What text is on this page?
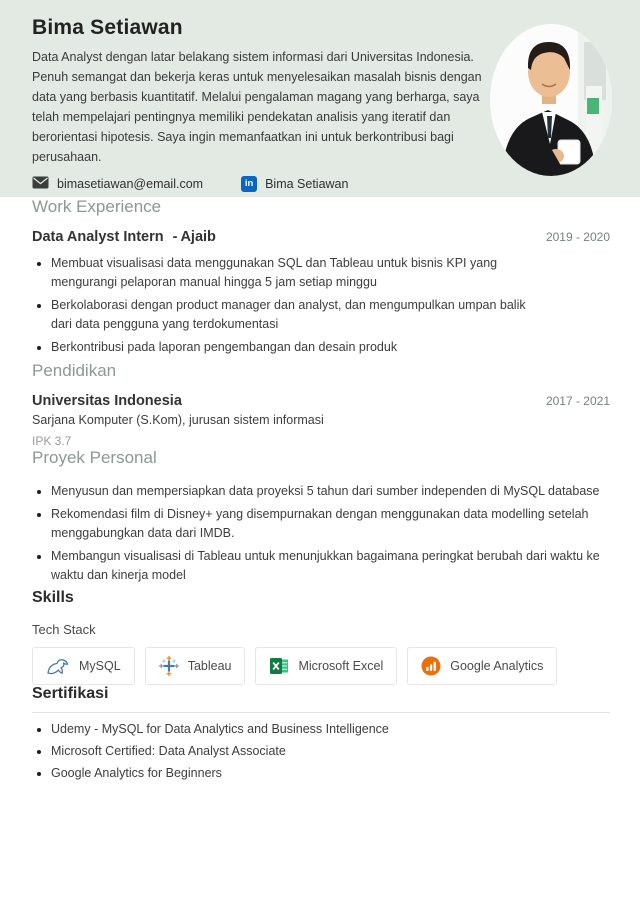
Bima Setiawan

Data Analyst dengan latar belakang sistem informasi dari Universitas Indonesia. Penuh semangat dan bekerja keras untuk menyelesaikan masalah bisnis dengan data yang berbasis kuantitatif. Melalui pengalaman magang yang berharga, saya telah mempelajari pentingnya memiliki pendekatan analisis yang iteratif dan berorientasi hipotesis. Saya ingin memanfaatkan ini untuk berkontribusi bagi perusahaan.

bimasetiawan@email.com	in Bima Setiawan
Work Experience
Data Analyst Intern - Ajaib	2019 - 2020
• Membuat visualisasi data menggunakan SQL dan Tableau untuk bisnis KPI yang mengurangi pelaporan manual hingga 5 jam setiap minggu
• Berkolaborasi dengan product manager dan analyst, dan mengumpulkan umpan balik dari data pengguna yang terdokumentasi
• Berkontribusi pada laporan pengembangan dan desain produk
Pendidikan
Universitas Indonesia	2017 - 2021
Sarjana Komputer (S.Kom), jurusan sistem informasi
IPK 3.7
Proyek Personal
• Menyusun dan mempersiapkan data proyeksi 5 tahun dari sumber independen di MySQL database
• Rekomendasi film di Disney+ yang disempurnakan dengan menggunakan data modelling setelah menggabungkan data dari IMDB.
• Membangun visualisasi di Tableau untuk menunjukkan bagaimana peringkat berubah dari waktu ke waktu dan kinerja model
Skills
Tech Stack
MySQL	Tableau	Microsoft Excel	Google Analytics
Sertifikasi
• Udemy - MySQL for Data Analytics and Business Intelligence
• Microsoft Certified: Data Analyst Associate
• Google Analytics for Beginners
